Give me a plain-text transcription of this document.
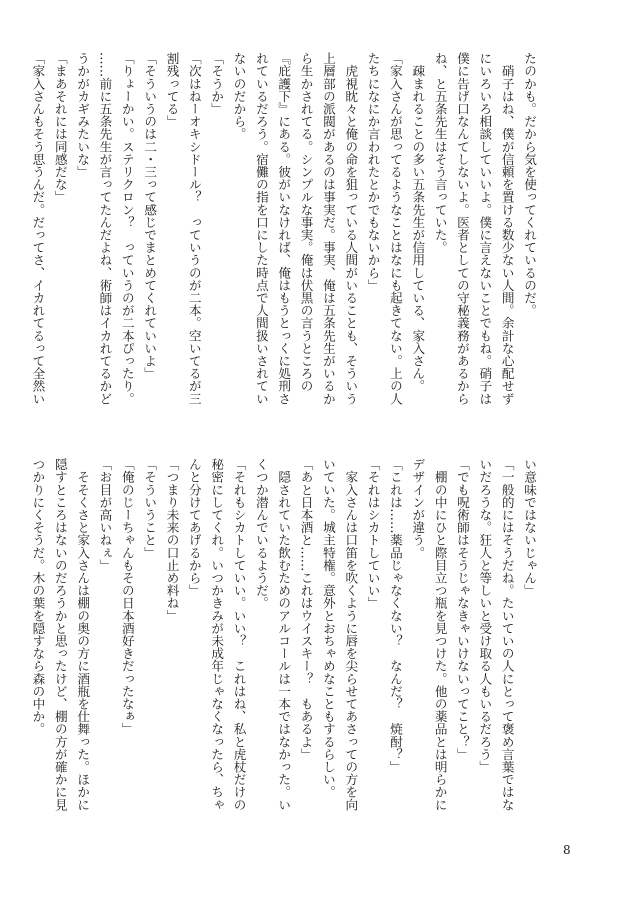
たのかも。だから気を使ってくれているのだ。
　硝子はね、僕が信頼を置ける数少ない人間。余計な心配せず
にいろいろ相談していいよ。僕に言えないことでもね。硝子は
僕に告げ口なんてしないよ。医者としての守秘義務があるから
ね、と五条先生はそう言っていた。
　疎まれることの多い五条先生が信用している、家入さん。
「家入さんが思ってるようなことはなにも起きてない。上の人
たちになにか言われたとかでもないから」
　虎視眈々と俺の命を狙っている人間がいることも、そういう
上層部の派閥があるのは事実だ。事実、俺は五条先生がいるか
ら生かされてる。シンプルな事実。俺は伏黒の言うところの
『庇護下』にある。彼がいなければ、俺はもうとっくに処刑さ
れているだろう。宿儺の指を口にした時点で人間扱いされてい
ないのだから。
「そうか」
「次はねーオキシドール？　っていうのが二本。空いてるが三
割残ってる」
「そういうのは二・三って感じでまとめてくれていいよ」
「りょーかい。ステリクロン？　っていうのが二本ぴったり。
……前に五条先生が言ってたんだよね、術師はイカれてるかど
うかがカギみたいな」
「まあそれには同感だな」
「家入さんもそう思うんだ。だってさ、イカれてるって全然い
い意味ではないじゃん」
「一般的にはそうだね。たいていの人にとって褒め言葉ではな
いだろうな。狂人と等しいと受け取る人もいるだろう」
「でも呪術師はそうじゃなきゃいけないってこと？」
　棚の中にひと際目立つ瓶を見つけた。他の薬品とは明らかに
デザインが違う。
「これは……薬品じゃなくない？　なんだ？　焼酎？」
「それはシカトしていい」
　家入さんは口笛を吹くように唇を尖らせてあさっての方を向
いていた。城主特権。意外とおちゃめなこともするらしい。
「あと日本酒と……これはウイスキー？　もあるよ」
　隠されていた飲むためのアルコールは一本ではなかった。い
くつか潜んでいるようだ。
「それもシカトしていい。いい？　これはね、私と虎杖だけの
秘密にしてくれ。いつかきみが未成年じゃなくなったら、ちゃ
んと分けてあげるから」
「つまり未来の口止め料ね」
「そういうこと」
「俺のじーちゃんもその日本酒好きだったなぁ」
「お目が高いねぇ」
　そそくさと家入さんは棚の奥の方に酒瓶を仕舞った。ほかに
隠すところはないのだろうかと思ったけど、棚の方が確かに見
つかりにくそうだ。木の葉を隠すなら森の中か。
8
